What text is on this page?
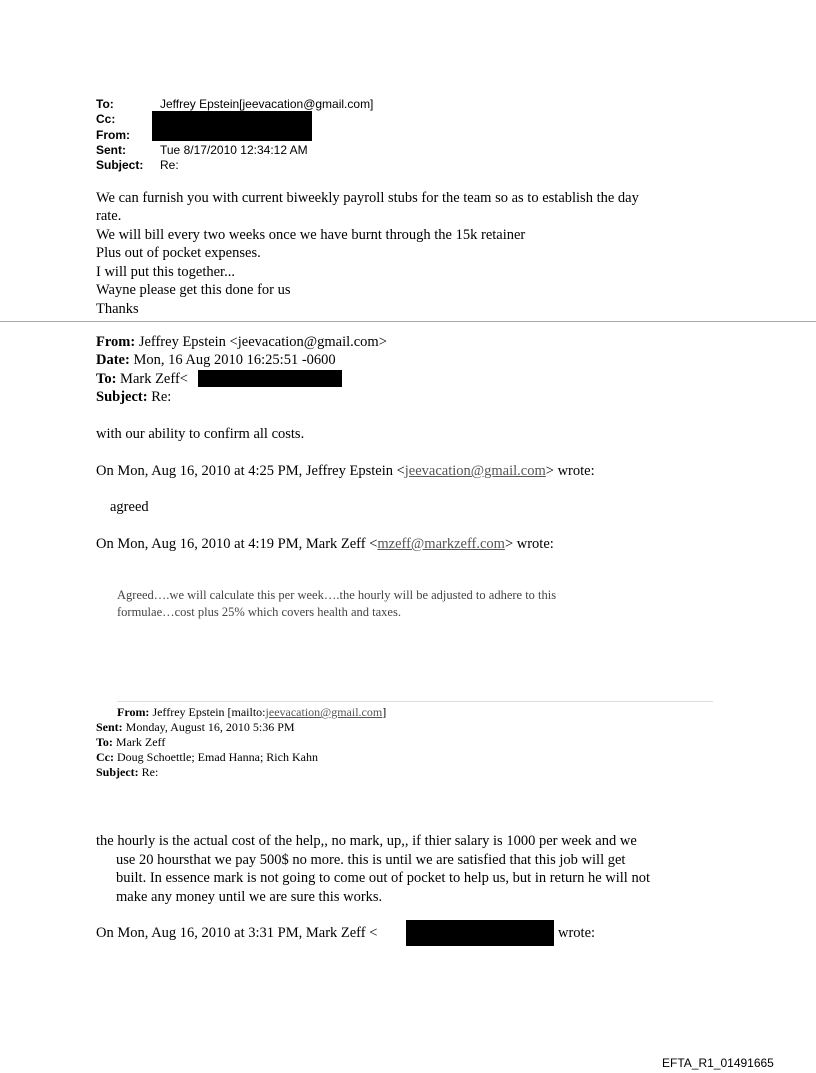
To:	Jeffrey Epstein[jeevacation@gmail.com]
Cc:
From:
Sent:	Tue 8/17/2010 12:34:12 AM
Subject: Re:
We can furnish you with current biweekly payroll stubs for the team so as to establish the day
rate.
We will bill every two weeks once we have burnt through the 15k retainer
Plus out of pocket expenses.
I will put this together...
Wayne please get this done for us
Thanks
From: Jeffrey Epstein <jeevacation@gmail.com>
Date: Mon, 16 Aug 2010 16:25:51 -0600
To: Mark Zeff<
Subject: Re:
with our ability to confirm all costs.
On Mon, Aug 16, 2010 at 4:25 PM, Jeffrey Epstein <jeevacation@gmail.com> wrote:
agreed
On Mon, Aug 16, 2010 at 4:19 PM, Mark Zeff <mzeff@markzeff.com> wrote:
Agreed….we will calculate this per week….the hourly will be adjusted to adhere to this
formulae…cost plus 25% which covers health and taxes.
From: Jeffrey Epstein [mailto:jeevacation@gmail.com]
Sent: Monday, August 16, 2010 5:36 PM
To: Mark Zeff
Cc: Doug Schoettle; Emad Hanna; Rich Kahn
Subject: Re:
the hourly is the actual cost of the help,, no mark, up,, if thier salary is 1000 per week and we
use 20 hoursthat we pay 500$ no more. this is until we are satisfied that this job will get
built. In essence mark is not going to come out of pocket to help us, but in return he will not
make any money until we are sure this works.
On Mon, Aug 16, 2010 at 3:31 PM, Mark Zeff <	wrote:
EFTA_R1_01491665
